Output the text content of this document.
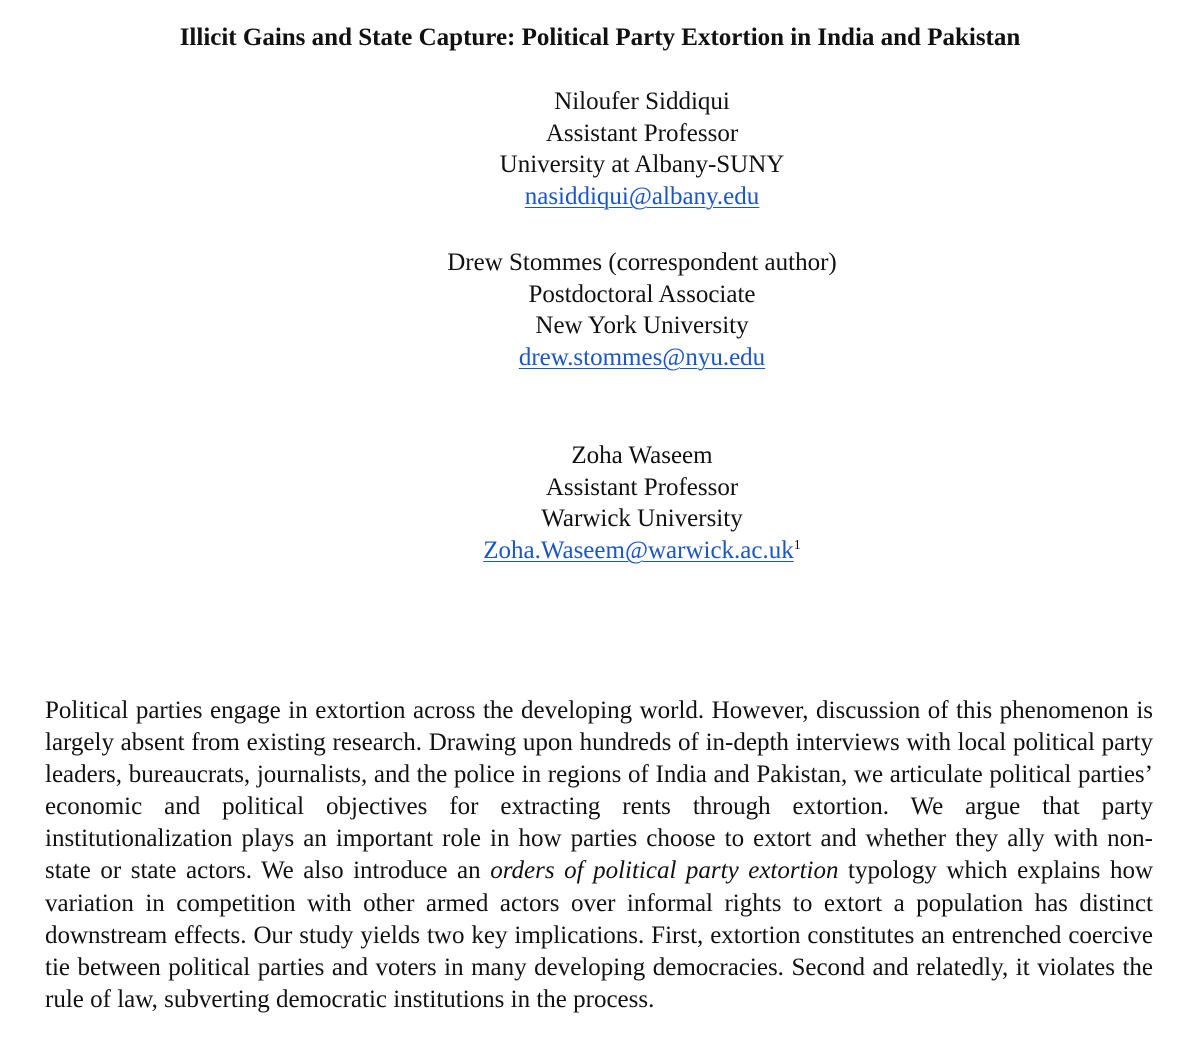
Illicit Gains and State Capture: Political Party Extortion in India and Pakistan
Niloufer Siddiqui
Assistant Professor
University at Albany-SUNY
nasiddiqui@albany.edu
Drew Stommes (correspondent author)
Postdoctoral Associate
New York University
drew.stommes@nyu.edu
Zoha Waseem
Assistant Professor
Warwick University
Zoha.Waseem@warwick.ac.uk$^1$

Political parties engage in extortion across the developing world. However, discussion of this phenomenon is largely absent from existing research. Drawing upon hundreds of in-depth interviews with local political party leaders, bureaucrats, journalists, and the police in regions of India and Pakistan, we articulate political parties’ economic and political objectives for extracting rents through extortion. We argue that party institutionalization plays an important role in how parties choose to extort and whether they ally with non-state or state actors. We also introduce an orders of political party extortion typology which explains how variation in competition with other armed actors over informal rights to extort a population has distinct downstream effects. Our study yields two key implications. First, extortion constitutes an entrenched coercive tie between political parties and voters in many developing democracies. Second and relatedly, it violates the rule of law, subverting democratic institutions in the process.
